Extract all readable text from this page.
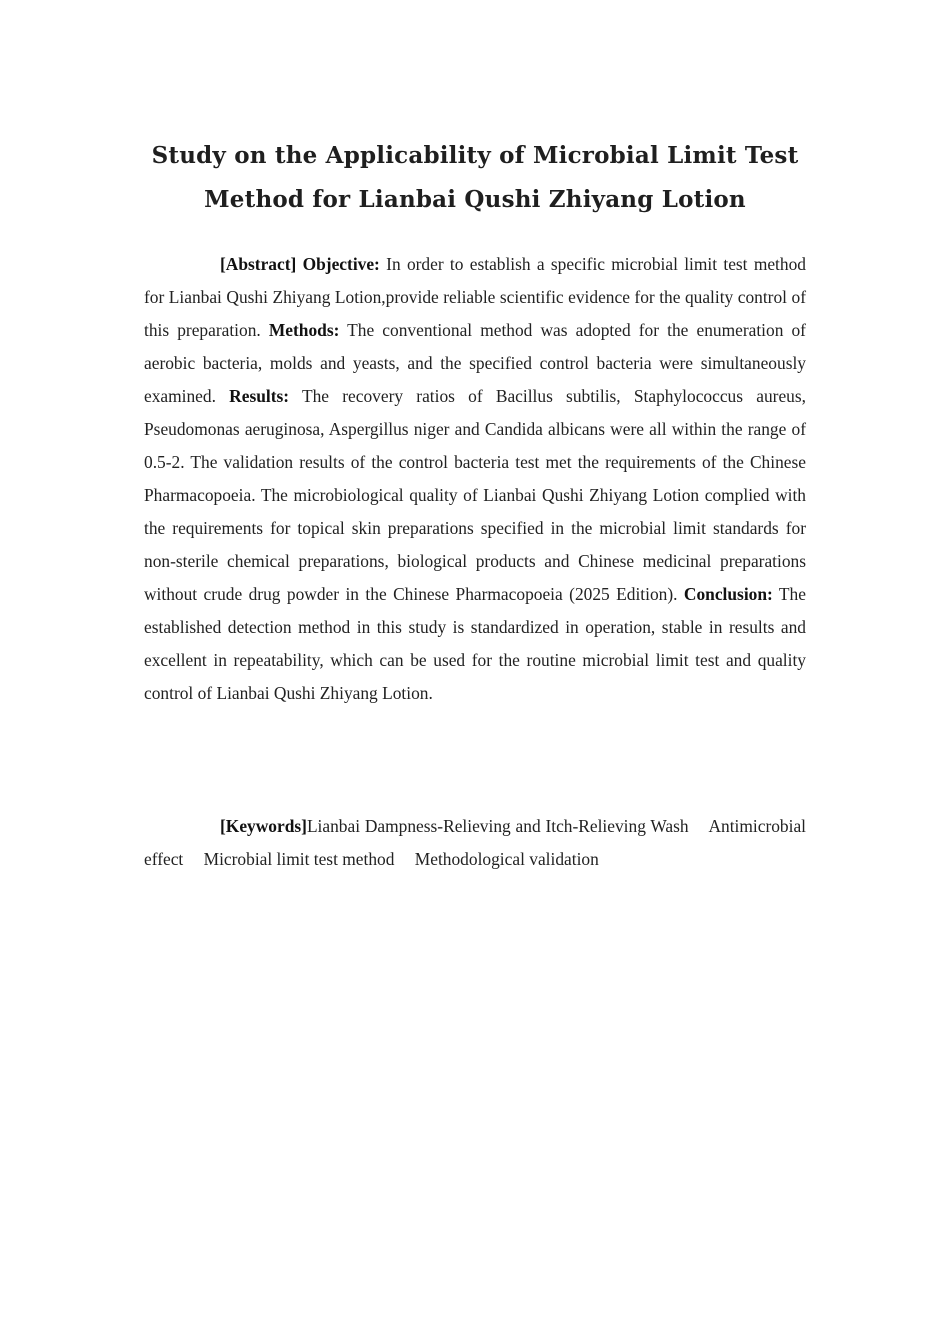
Study on the Applicability of Microbial Limit Test
Method for Lianbai Qushi Zhiyang Lotion

[Abstract] Objective: In order to establish a specific microbial limit test method for Lianbai Qushi Zhiyang Lotion,provide reliable scientific evidence for the quality control of this preparation. Methods: The conventional method was adopted for the enumeration of aerobic bacteria, molds and yeasts, and the specified control bacteria were simultaneously examined. Results: The recovery ratios of Bacillus subtilis, Staphylococcus aureus, Pseudomonas aeruginosa, Aspergillus niger and Candida albicans were all within the range of 0.5-2. The validation results of the control bacteria test met the requirements of the Chinese Pharmacopoeia. The microbiological quality of Lianbai Qushi Zhiyang Lotion complied with the requirements for topical skin preparations specified in the microbial limit standards for non-sterile chemical preparations, biological products and Chinese medicinal preparations without crude drug powder in the Chinese Pharmacopoeia (2025 Edition). Conclusion: The established detection method in this study is standardized in operation, stable in results and excellent in repeatability, which can be used for the routine microbial limit test and quality control of Lianbai Qushi Zhiyang Lotion.

[Keywords]Lianbai Dampness-Relieving and Itch-Relieving Wash Antimicrobial effect Microbial limit test method Methodological validation
